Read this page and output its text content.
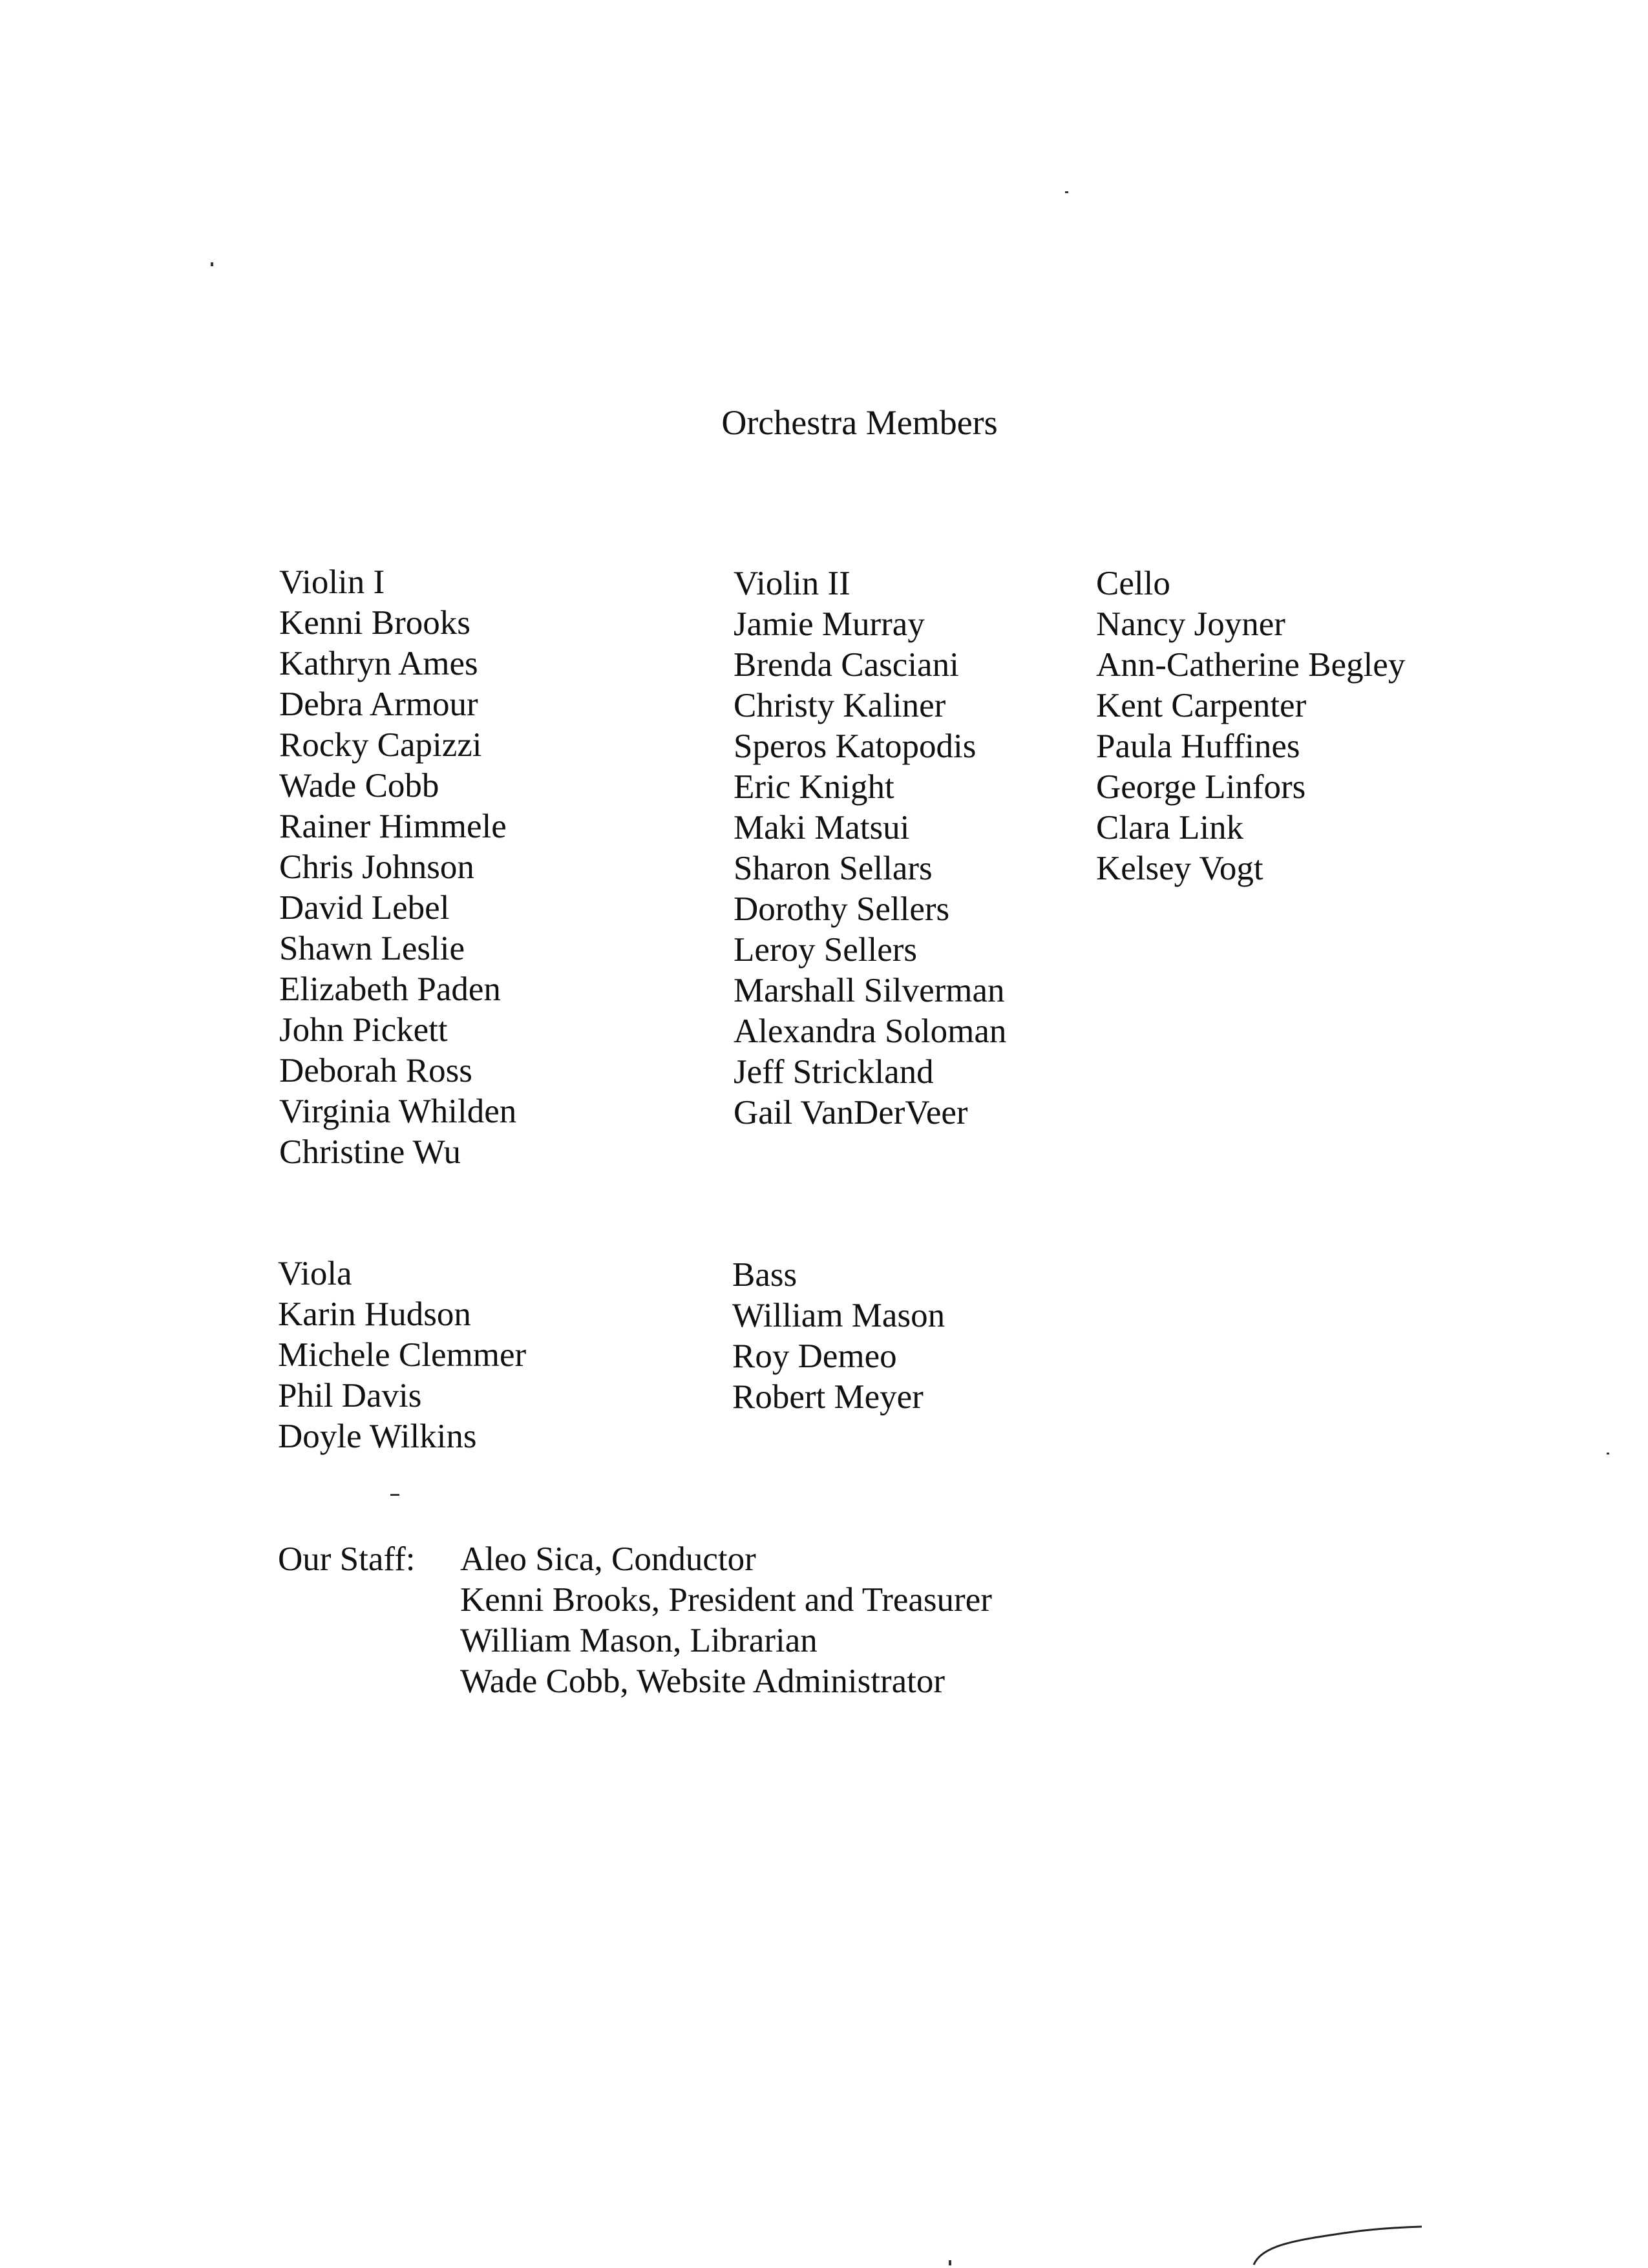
Orchestra Members
Violin I
Kenni Brooks
Kathryn Ames
Debra Armour
Rocky Capizzi
Wade Cobb
Rainer Himmele
Chris Johnson
David Lebel
Shawn Leslie
Elizabeth Paden
John Pickett
Deborah Ross
Virginia Whilden
Christine Wu
Violin II
Jamie Murray
Brenda Casciani
Christy Kaliner
Speros Katopodis
Eric Knight
Maki Matsui
Sharon Sellars
Dorothy Sellers
Leroy Sellers
Marshall Silverman
Alexandra Soloman
Jeff Strickland
Gail VanDerVeer
Cello
Nancy Joyner
Ann-Catherine Begley
Kent Carpenter
Paula Huffines
George Linfors
Clara Link
Kelsey Vogt
Viola
Karin Hudson
Michele Clemmer
Phil Davis
Doyle Wilkins
Bass
William Mason
Roy Demeo
Robert Meyer
Our Staff:	Aleo Sica, Conductor
Kenni Brooks, President and Treasurer
William Mason, Librarian
Wade Cobb, Website Administrator
